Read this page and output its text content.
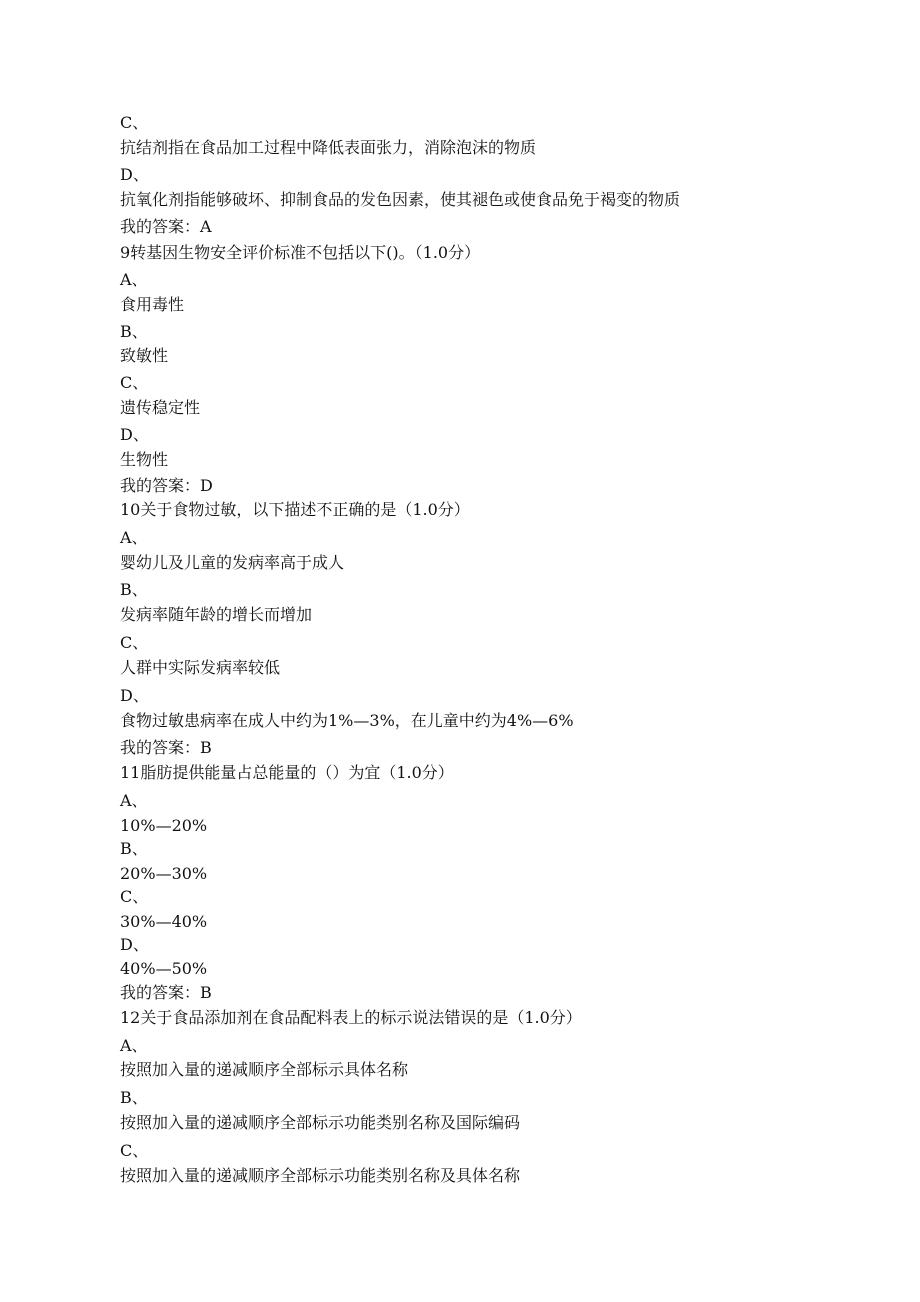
C、
抗结剂指在食品加工过程中降低表面张力，消除泡沫的物质
D、
抗氧化剂指能够破坏、抑制食品的发色因素，使其褪色或使食品免于褐变的物质
我的答案：A
9转基因生物安全评价标准不包括以下()。（1.0分）
A、
食用毒性
B、
致敏性
C、
遗传稳定性
D、
生物性
我的答案：D
10关于食物过敏，以下描述不正确的是（1.0分）
A、
婴幼儿及儿童的发病率高于成人
B、
发病率随年龄的增长而增加
C、
人群中实际发病率较低
D、
食物过敏患病率在成人中约为1%—3%，在儿童中约为4%—6%
我的答案：B
11脂肪提供能量占总能量的（）为宜（1.0分）
A、
10%—20%
B、
20%—30%
C、
30%—40%
D、
40%—50%
我的答案：B
12关于食品添加剂在食品配料表上的标示说法错误的是（1.0分）
A、
按照加入量的递减顺序全部标示具体名称
B、
按照加入量的递减顺序全部标示功能类别名称及国际编码
C、
按照加入量的递减顺序全部标示功能类别名称及具体名称
